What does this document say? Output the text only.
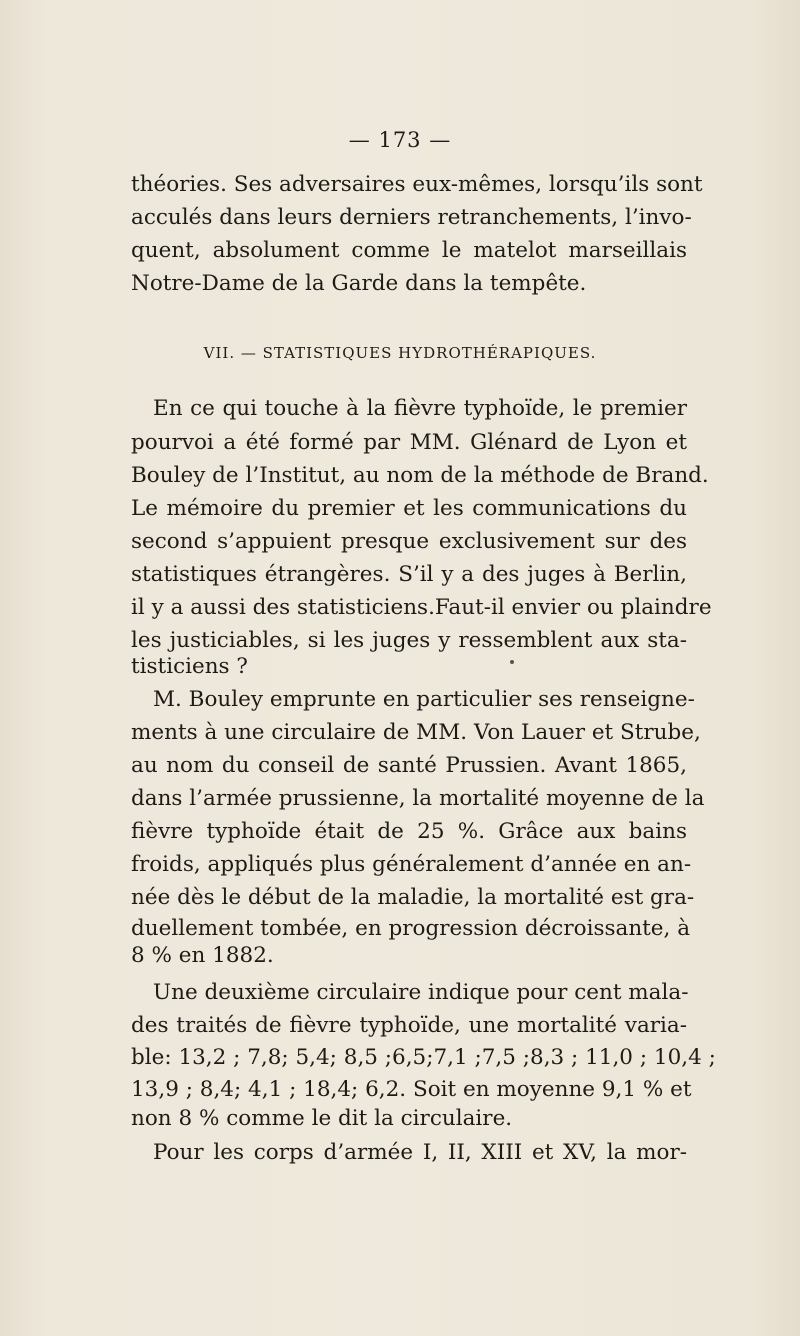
— 173 —
théories. Ses adversaires eux-mêmes, lorsqu’ils sont
acculés dans leurs derniers retranchements, l’invo-
quent, absolument comme le matelot marseillais
Notre-Dame de la Garde dans la tempête.
VII. — STATISTIQUES HYDROTHÉRAPIQUES.
En ce qui touche à la fièvre typhoïde, le premier
pourvoi a été formé par MM. Glénard de Lyon et
Bouley de l’Institut, au nom de la méthode de Brand.
Le mémoire du premier et les communications du
second s’appuient presque exclusivement sur des
statistiques étrangères. S’il y a des juges à Berlin,
il y a aussi des statisticiens.Faut-il envier ou plaindre
les justiciables, si les juges y ressemblent aux sta-
tisticiens ?
M. Bouley emprunte en particulier ses renseigne-
ments à une circulaire de MM. Von Lauer et Strube,
au nom du conseil de santé Prussien. Avant 1865,
dans l’armée prussienne, la mortalité moyenne de la
fièvre typhoïde était de 25 %. Grâce aux bains
froids, appliqués plus généralement d’année en an-
née dès le début de la maladie, la mortalité est gra-
duellement tombée, en progression décroissante, à
8 % en 1882.
Une deuxième circulaire indique pour cent mala-
des traités de fièvre typhoïde, une mortalité varia-
ble: 13,2 ; 7,8; 5,4; 8,5 ;6,5;7,1 ;7,5 ;8,3 ; 11,0 ; 10,4 ;
13,9 ; 8,4; 4,1 ; 18,4; 6,2. Soit en moyenne 9,1 % et
non 8 % comme le dit la circulaire.
Pour les corps d’armée I, II, XIII et XV, la mor-
